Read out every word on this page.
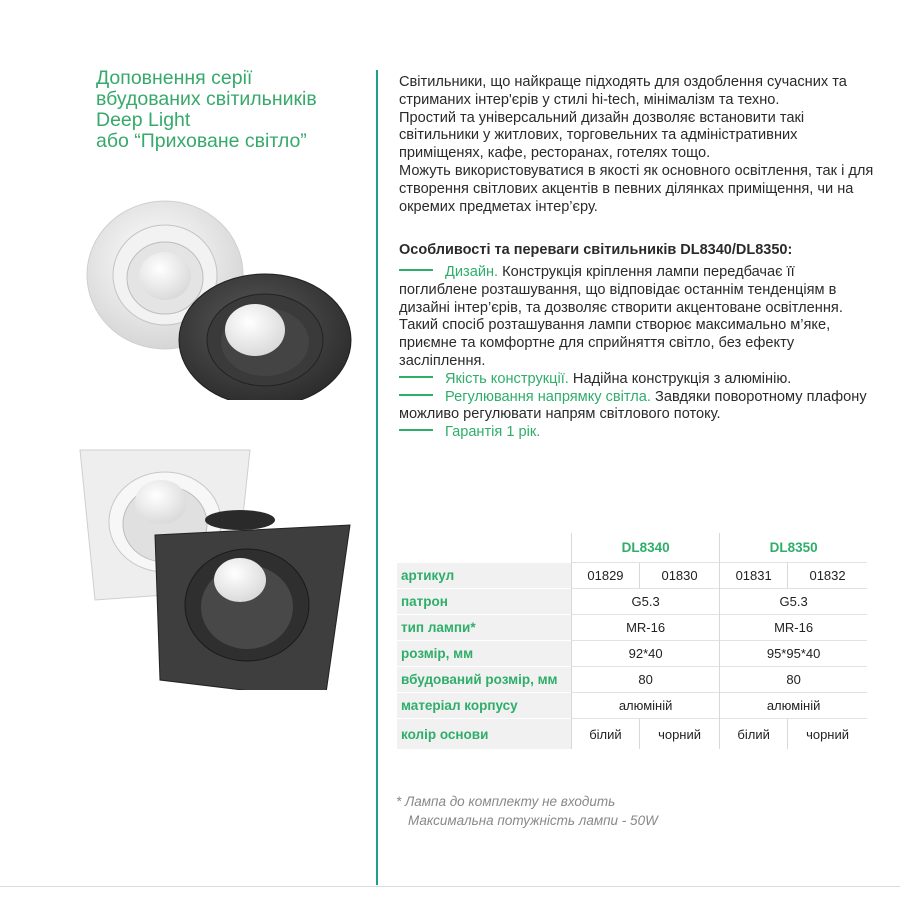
Доповнення серії
вбудованих світильників
Deep Light
або “Приховане світло”

Світильники, що найкраще підходять для оздоблення сучасних та стриманих інтер'єрів у стилі hi-tech, мінімалізм та техно.

Простий та універсальний дизайн дозволяє встановити такі світильники у житлових, торговельних та адміністративних приміщенях, кафе, ресторанах, готелях тощо.

Можуть використовуватися в якості як основного освітлення, так і для створення світлових акцентів в певних ділянках приміщення, чи на окремих предметах інтер’єру.

Особливості та переваги світильників DL8340/DL8350:

Дизайн. Конструкція кріплення лампи передбачає її поглиблене розташування, що відповідає останнім тенденціям в дизайні інтер’єрів, та дозволяє створити акцентоване освітлення. Такий спосіб розташування лампи створює максимально м’яке, приємне та комфортне для сприйняття світло, без ефекту засліплення.

Якість конструкції. Надійна конструкція з алюмінію.

Регулювання напрямку світла. Завдяки поворотному плафону можливо регулювати напрям світлового потоку.

Гарантія 1 рік.

	DL8340		DL8350	
артикул	01829	01830	01831	01832
патрон	G5.3		G5.3	
тип лампи*	MR-16		MR-16	
розмір, мм	92*40		95*95*40	
вбудований розмір, мм	80		80	
матеріал корпусу	алюміній		алюміній	
колір основи	білий	чорний	білий	чорний
* Лампа до комплекту не входить
Максимальна потужність лампи - 50W
